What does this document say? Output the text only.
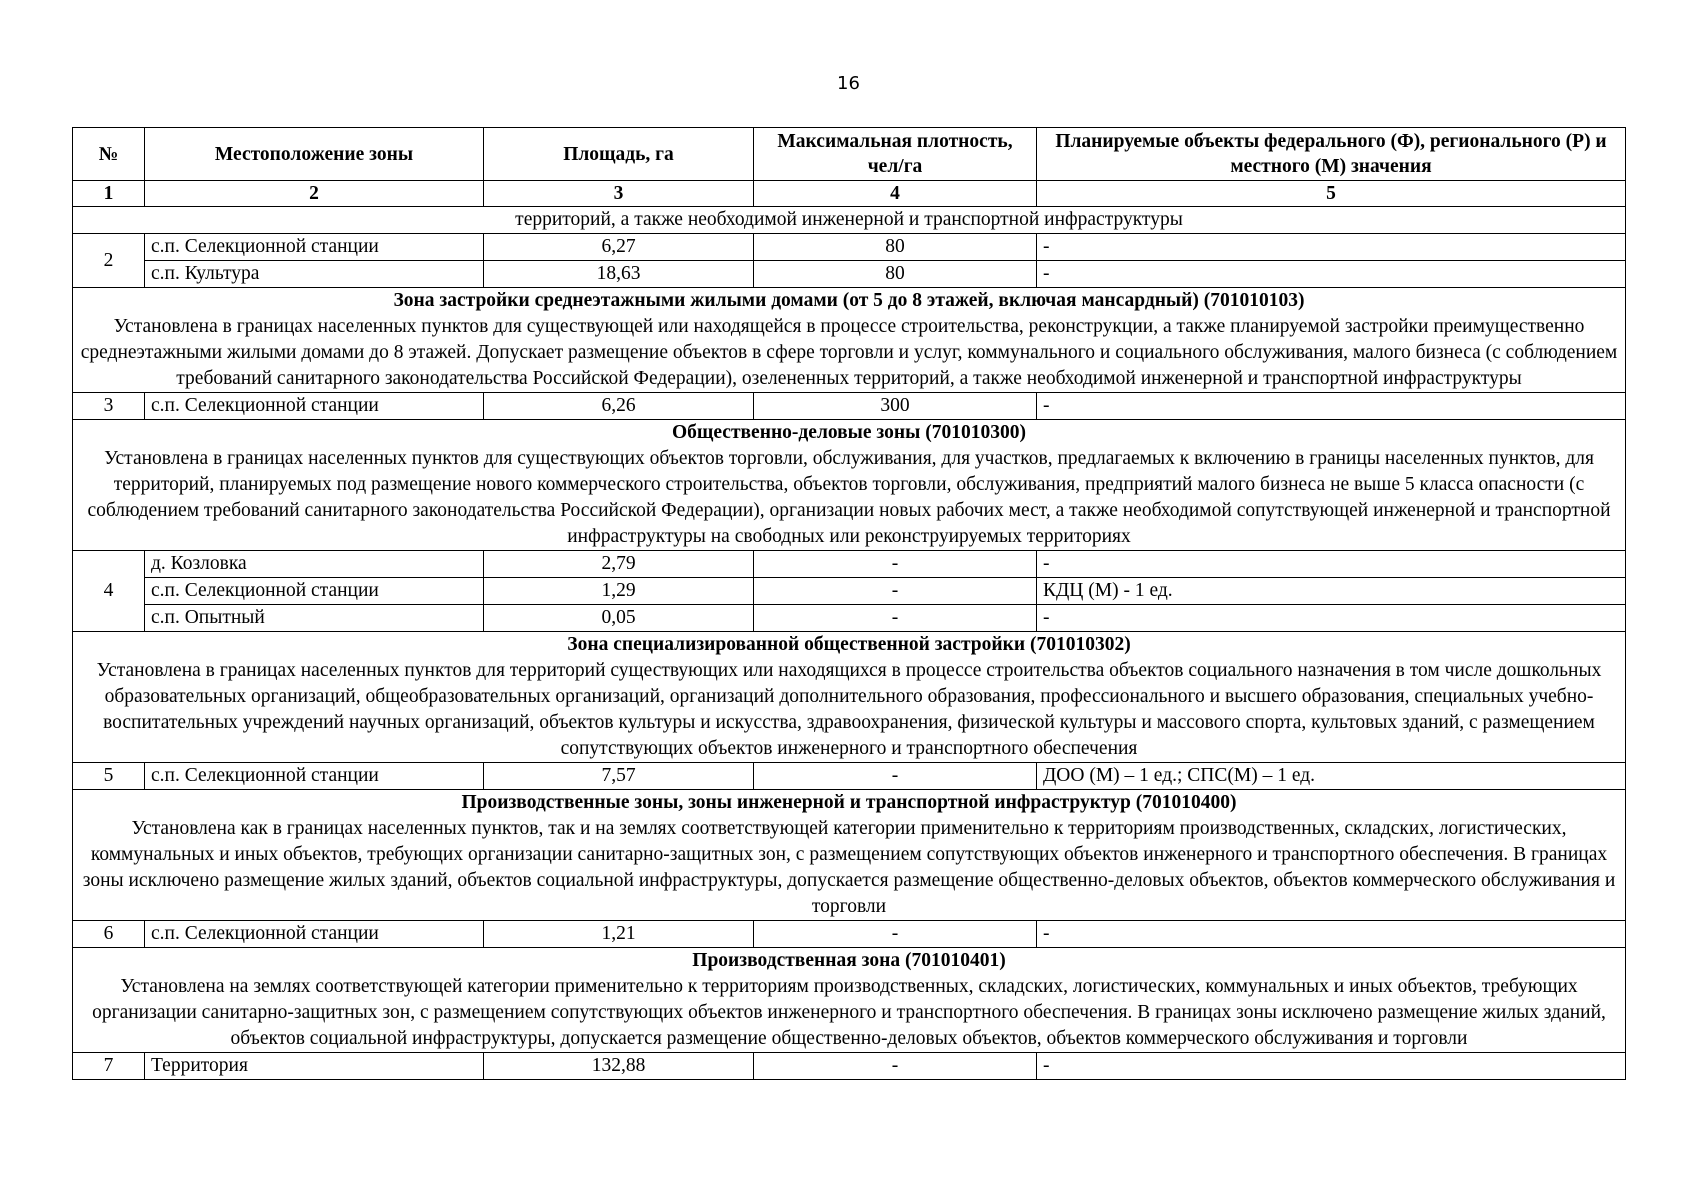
16
№	Местоположение зоны	Площадь, га	Максимальная плотность, чел/га	Планируемые объекты федерального (Ф), регионального (Р) и местного (М) значения
1	2	3	4	5
территорий, а также необходимой инженерной и транспортной инфраструктуры				
2	с.п. Селекционной станции	6,27	80	-
	с.п. Культура	18,63	80	-

Зона застройки среднеэтажными жилыми домами (от 5 до 8 этажей, включая мансардный) (701010103)
Установлена в границах населенных пунктов для существующей или находящейся в процессе строительства, реконструкции, а также планируемой застройки преимущественно среднеэтажными жилыми домами до 8 этажей. Допускает размещение объектов в сфере торговли и услуг, коммунального и социального обслуживания, малого бизнеса (с соблюдением требований санитарного законодательства Российской Федерации), озелененных территорий, а также необходимой инженерной и транспортной инфраструктуры				

3	с.п. Селекционной станции	6,26	300	-

Общественно-деловые зоны (701010300)
Установлена в границах населенных пунктов для существующих объектов торговли, обслуживания, для участков, предлагаемых к включению в границы населенных пунктов, для территорий, планируемых под размещение нового коммерческого строительства, объектов торговли, обслуживания, предприятий малого бизнеса не выше 5 класса опасности (с соблюдением требований санитарного законодательства Российской Федерации), организации новых рабочих мест, а также необходимой сопутствующей инженерной и транспортной инфраструктуры на свободных или реконструируемых территориях				

4	д. Козловка	2,79	-	-
	с.п. Селекционной станции	1,29	-	КДЦ (М) - 1 ед.
	с.п. Опытный	0,05	-	-

Зона специализированной общественной застройки (701010302)
Установлена в границах населенных пунктов для территорий существующих или находящихся в процессе строительства объектов социального назначения в том числе дошкольных образовательных организаций, общеобразовательных организаций, организаций дополнительного образования, профессионального и высшего образования, специальных учебно-воспитательных учреждений научных организаций, объектов культуры и искусства, здравоохранения, физической культуры и массового спорта, культовых зданий, с размещением сопутствующих объектов инженерного и транспортного обеспечения				

5	с.п. Селекционной станции	7,57	-	ДОО (М) – 1 ед.; СПС(М) – 1 ед.

Производственные зоны, зоны инженерной и транспортной инфраструктур (701010400)
Установлена как в границах населенных пунктов, так и на землях соответствующей категории применительно к территориям производственных, складских, логистических, коммунальных и иных объектов, требующих организации санитарно-защитных зон, с размещением сопутствующих объектов инженерного и транспортного обеспечения. В границах зоны исключено размещение жилых зданий, объектов социальной инфраструктуры, допускается размещение общественно-деловых объектов, объектов коммерческого обслуживания и торговли				

6	с.п. Селекционной станции	1,21	-	-

Производственная зона (701010401)
Установлена на землях соответствующей категории применительно к территориям производственных, складских, логистических, коммунальных и иных объектов, требующих организации санитарно-защитных зон, с размещением сопутствующих объектов инженерного и транспортного обеспечения. В границах зоны исключено размещение жилых зданий, объектов социальной инфраструктуры, допускается размещение общественно-деловых объектов, объектов коммерческого обслуживания и торговли				

7	Территория	132,88	-	-
